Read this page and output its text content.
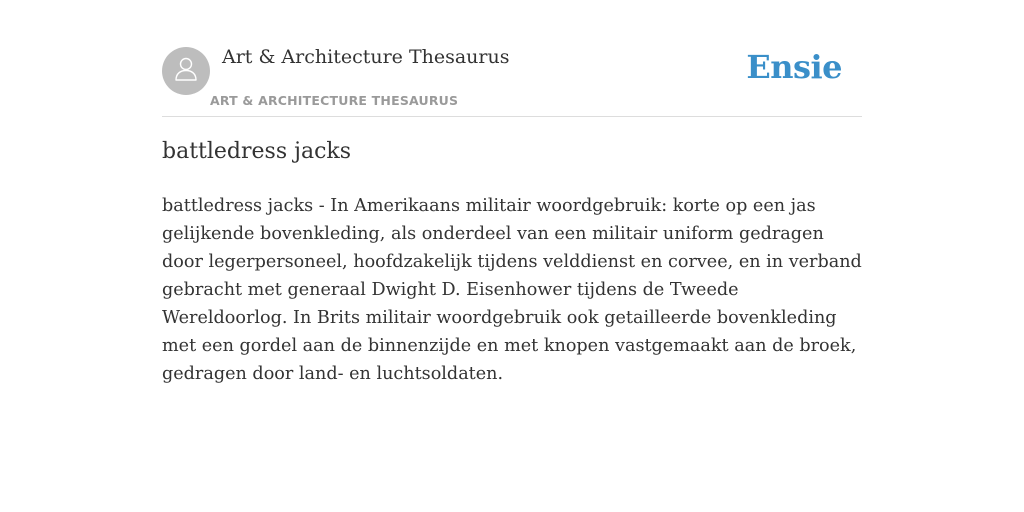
Art & Architecture Thesaurus
ART & ARCHITECTURE THESAURUS
Ensie
battledress jacks

battledress jacks - In Amerikaans militair woordgebruik: korte op een jas gelijkende bovenkleding, als onderdeel van een militair uniform gedragen door legerpersoneel, hoofdzakelijk tijdens velddienst en corvee, en in verband gebracht met generaal Dwight D. Eisenhower tijdens de Tweede Wereldoorlog. In Brits militair woordgebruik ook getailleerde bovenkleding met een gordel aan de binnenzijde en met knopen vastgemaakt aan de broek, gedragen door land- en luchtsoldaten.
